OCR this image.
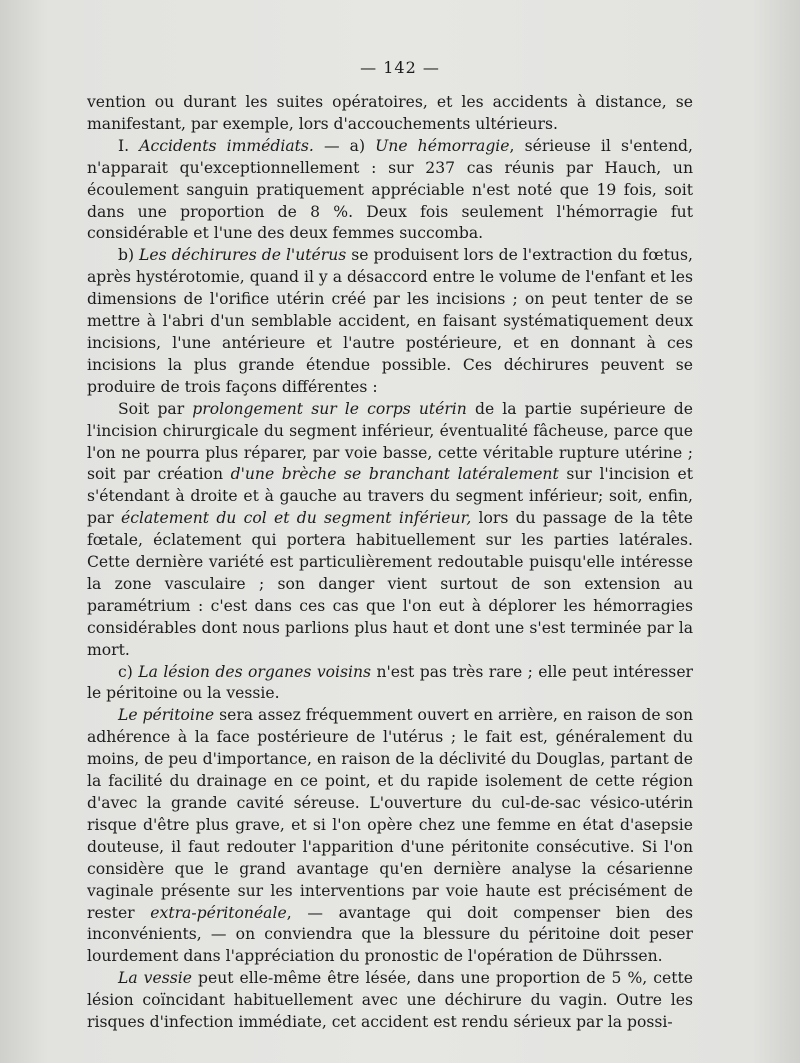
— 142 —

vention ou durant les suites opératoires, et les accidents à distance, se manifestant, par exemple, lors d'accouchements ultérieurs.

I. Accidents immédiats. — a) Une hémorragie, sérieuse il s'entend, n'apparait qu'exceptionnellement : sur 237 cas réunis par Hauch, un écoulement sanguin pratiquement appréciable n'est noté que 19 fois, soit dans une proportion de 8 %. Deux fois seulement l'hémorragie fut considérable et l'une des deux femmes succomba.

b) Les déchirures de l'utérus se produisent lors de l'extraction du fœtus, après hystérotomie, quand il y a désaccord entre le volume de l'enfant et les dimensions de l'orifice utérin créé par les incisions ; on peut tenter de se mettre à l'abri d'un semblable accident, en faisant systématiquement deux incisions, l'une antérieure et l'autre postérieure, et en donnant à ces incisions la plus grande étendue possible. Ces déchirures peuvent se produire de trois façons différentes :

Soit par prolongement sur le corps utérin de la partie supérieure de l'incision chirurgicale du segment inférieur, éventualité fâcheuse, parce que l'on ne pourra plus réparer, par voie basse, cette véritable rupture utérine ; soit par création d'une brèche se branchant latéralement sur l'incision et s'étendant à droite et à gauche au travers du segment inférieur; soit, enfin, par éclatement du col et du segment inférieur, lors du passage de la tête fœtale, éclatement qui portera habituellement sur les parties latérales. Cette dernière variété est particulièrement redoutable puisqu'elle intéresse la zone vasculaire ; son danger vient surtout de son extension au paramétrium : c'est dans ces cas que l'on eut à déplorer les hémorragies considérables dont nous parlions plus haut et dont une s'est terminée par la mort.

c) La lésion des organes voisins n'est pas très rare ; elle peut intéresser le péritoine ou la vessie.

Le péritoine sera assez fréquemment ouvert en arrière, en raison de son adhérence à la face postérieure de l'utérus ; le fait est, généralement du moins, de peu d'importance, en raison de la déclivité du Douglas, partant de la facilité du drainage en ce point, et du rapide isolement de cette région d'avec la grande cavité séreuse. L'ouverture du cul-de-sac vésico-utérin risque d'être plus grave, et si l'on opère chez une femme en état d'asepsie douteuse, il faut redouter l'apparition d'une péritonite consécutive. Si l'on considère que le grand avantage qu'en dernière analyse la césarienne vaginale présente sur les interventions par voie haute est précisément de rester extra-péritonéale, — avantage qui doit compenser bien des inconvénients, — on conviendra que la blessure du péritoine doit peser lourdement dans l'appréciation du pronostic de l'opération de Dührssen.

La vessie peut elle-même être lésée, dans une proportion de 5 %, cette lésion coïncidant habituellement avec une déchirure du vagin. Outre les risques d'infection immédiate, cet accident est rendu sérieux par la possi-
